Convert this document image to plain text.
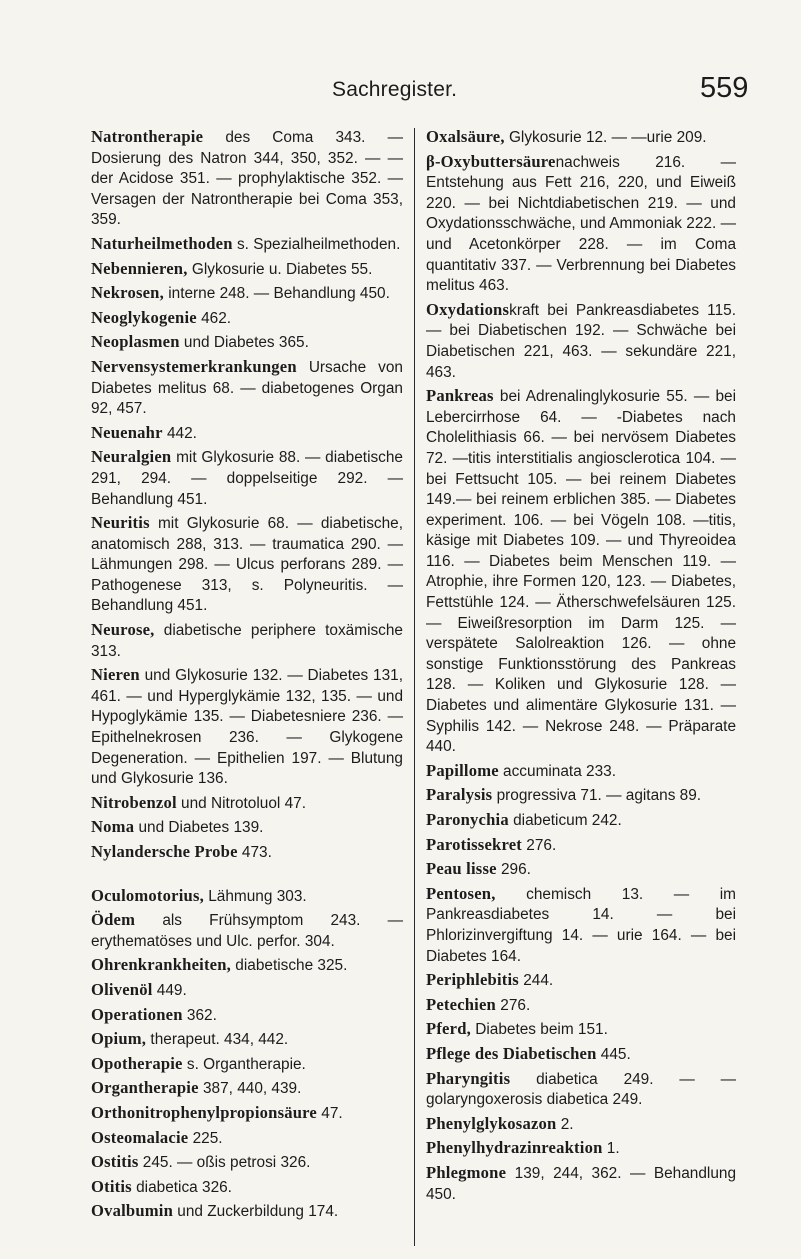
Sachregister.	559

Natrontherapie des Coma 343. — Dosierung des Natron 344, 350, 352. — — der Acidose 351. — prophylaktische 352. — Versagen der Natrontherapie bei Coma 353, 359.

Naturheilmethoden s. Spezialheilmethoden.

Nebennieren, Glykosurie u. Diabetes 55.

Nekrosen, interne 248. — Behandlung 450.

Neoglykogenie 462.

Neoplasmen und Diabetes 365.

Nervensystemerkrankungen Ursache von Diabetes melitus 68. — diabetogenes Organ 92, 457.

Neuenahr 442.

Neuralgien mit Glykosurie 88. — diabetische 291, 294. — doppelseitige 292. — Behandlung 451.

Neuritis mit Glykosurie 68. — diabetische, anatomisch 288, 313. — traumatica 290. — Lähmungen 298. — Ulcus perforans 289. — Pathogenese 313, s. Polyneuritis. — Behandlung 451.

Neurose, diabetische periphere toxämische 313.

Nieren und Glykosurie 132. — Diabetes 131, 461. — und Hyperglykämie 132, 135. — und Hypoglykämie 135. — Diabetesniere 236. — Epithelnekrosen 236. — Glykogene Degeneration. — Epithelien 197. — Blutung und Glykosurie 136.

Nitrobenzol und Nitrotoluol 47.

Noma und Diabetes 139.

Nylandersche Probe 473.

Oculomotorius, Lähmung 303.

Ödem als Frühsymptom 243. — erythematöses und Ulc. perfor. 304.

Ohrenkrankheiten, diabetische 325.

Olivenöl 449.

Operationen 362.

Opium, therapeut. 434, 442.

Opotherapie s. Organtherapie.

Organtherapie 387, 440, 439.

Orthonitrophenylpropionsäure 47.

Osteomalacie 225.

Ostitis 245. — oßis petrosi 326.

Otitis diabetica 326.

Ovalbumin und Zuckerbildung 174.

Oxalsäure, Glykosurie 12. — —urie 209.

β-Oxybuttersäurenachweis 216. — Entstehung aus Fett 216, 220, und Eiweiß 220. — bei Nichtdiabetischen 219. — und Oxydationsschwäche, und Ammoniak 222. — und Acetonkörper 228. — im Coma quantitativ 337. — Verbrennung bei Diabetes melitus 463.

Oxydationskraft bei Pankreasdiabetes 115. — bei Diabetischen 192. — Schwäche bei Diabetischen 221, 463. — sekundäre 221, 463.

Pankreas bei Adrenalinglykosurie 55. — bei Lebercirrhose 64. — -Diabetes nach Cholelithiasis 66. — bei nervösem Diabetes 72. —titis interstitialis angiosclerotica 104. — bei Fettsucht 105. — bei reinem Diabetes 149.— bei reinem erblichen 385. — Diabetes experiment. 106. — bei Vögeln 108. —titis, käsige mit Diabetes 109. — und Thyreoidea 116. — Diabetes beim Menschen 119. — Atrophie, ihre Formen 120, 123. — Diabetes, Fettstühle 124. — Ätherschwefelsäuren 125. — Eiweißresorption im Darm 125. — verspätete Salolreaktion 126. — ohne sonstige Funktionsstörung des Pankreas 128. — Koliken und Glykosurie 128. — Diabetes und alimentäre Glykosurie 131. — Syphilis 142. — Nekrose 248. — Präparate 440.

Papillome accuminata 233.

Paralysis progressiva 71. — agitans 89.

Paronychia diabeticum 242.

Parotissekret 276.

Peau lisse 296.

Pentosen, chemisch 13. — im Pankreasdiabetes 14. — bei Phlorizinvergiftung 14. — urie 164. — bei Diabetes 164.

Periphlebitis 244.

Petechien 276.

Pferd, Diabetes beim 151.

Pflege des Diabetischen 445.

Pharyngitis diabetica 249. — —golaryngoxerosis diabetica 249.

Phenylglykosazon 2.

Phenylhydrazinreaktion 1.

Phlegmone 139, 244, 362. — Behandlung 450.
